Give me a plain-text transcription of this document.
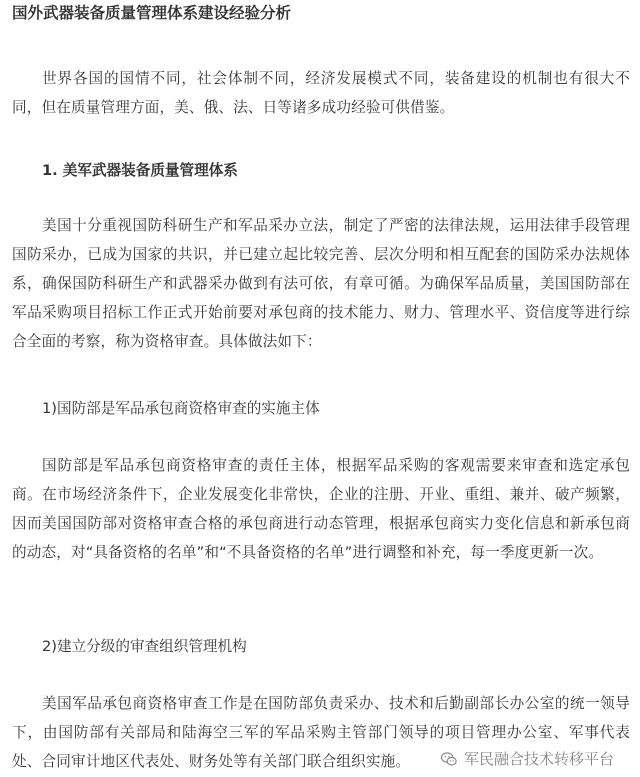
国外武器装备质量管理体系建设经验分析

世界各国的国情不同，社会体制不同，经济发展模式不同，装备建设的机制也有很大不同，但在质量管理方面，美、俄、法、日等诸多成功经验可供借鉴。

1. 美军武器装备质量管理体系

美国十分重视国防科研生产和军品采办立法，制定了严密的法律法规，运用法律手段管理国防采办，已成为国家的共识，并已建立起比较完善、层次分明和相互配套的国防采办法规体系，确保国防科研生产和武器采办做到有法可依，有章可循。为确保军品质量，美国国防部在军品采购项目招标工作正式开始前要对承包商的技术能力、财力、管理水平、资信度等进行综合全面的考察，称为资格审查。具体做法如下：

1)国防部是军品承包商资格审查的实施主体

国防部是军品承包商资格审查的责任主体，根据军品采购的客观需要来审查和选定承包商。在市场经济条件下，企业发展变化非常快，企业的注册、开业、重组、兼并、破产频繁，因而美国国防部对资格审查合格的承包商进行动态管理，根据承包商实力变化信息和新承包商的动态，对“具备资格的名单”和“不具备资格的名单”进行调整和补充，每一季度更新一次。

2)建立分级的审查组织管理机构

美国军品承包商资格审查工作是在国防部负责采办、技术和后勤副部长办公室的统一领导下，由国防部有关部局和陆海空三军的军品采购主管部门领导的项目管理办公室、军事代表处、合同审计地区代表处、财务处等有关部门联合组织实施。	军民融合技术转移平台
